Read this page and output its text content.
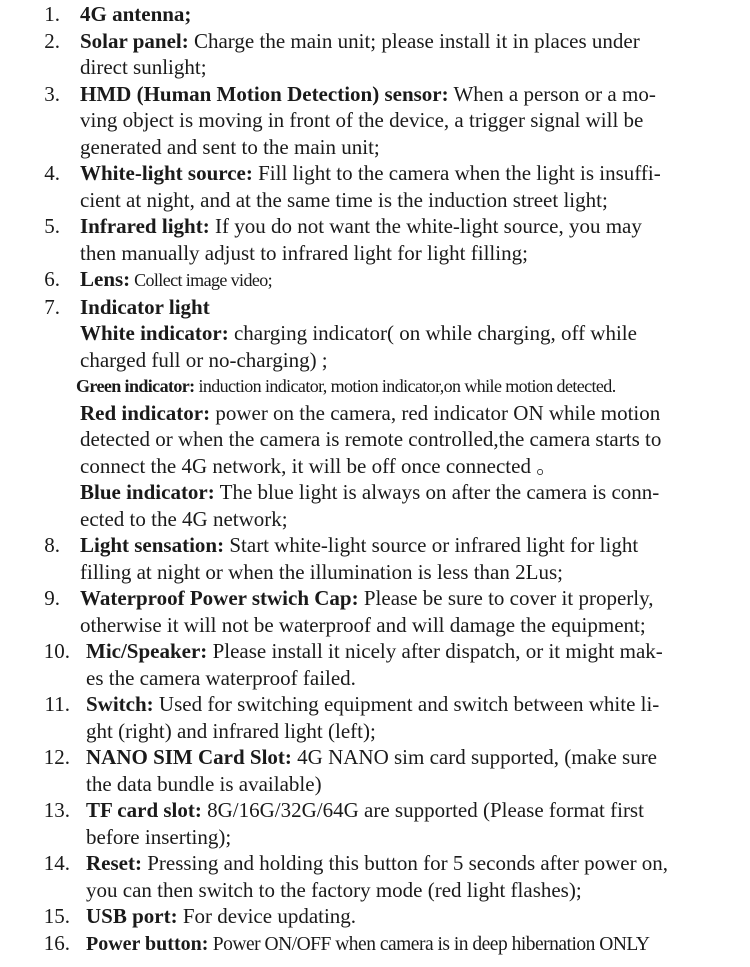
1. 4G antenna;
2. Solar panel: Charge the main unit; please install it in places under
direct sunlight;
3. HMD (Human Motion Detection) sensor: When a person or a mo-
ving object is moving in front of the device, a trigger signal will be
generated and sent to the main unit;
4. White-light source: Fill light to the camera when the light is insuffi-
cient at night, and at the same time is the induction street light;
5. Infrared light: If you do not want the white-light source, you may
then manually adjust to infrared light for light filling;
6. Lens: Collect image video;
7. Indicator light
White indicator: charging indicator( on while charging, off while
charged full or no-charging) ;
Green indicator: induction indicator, motion indicator,on while motion detected.
Red indicator: power on the camera, red indicator ON while motion
detected or when the camera is remote controlled,the camera starts to
connect the 4G network, it will be off once connected 。
Blue indicator: The blue light is always on after the camera is conn-
ected to the 4G network;
8. Light sensation: Start white-light source or infrared light for light
filling at night or when the illumination is less than 2Lus;
9. Waterproof Power stwich Cap: Please be sure to cover it properly,
otherwise it will not be waterproof and will damage the equipment;
10. Mic/Speaker: Please install it nicely after dispatch, or it might mak-
es the camera waterproof failed.
11. Switch: Used for switching equipment and switch between white li-
ght (right) and infrared light (left);
12. NANO SIM Card Slot: 4G NANO sim card supported, (make sure
the data bundle is available)
13. TF card slot: 8G/16G/32G/64G are supported (Please format first
before inserting);
14. Reset: Pressing and holding this button for 5 seconds after power on,
you can then switch to the factory mode (red light flashes);
15. USB port: For device updating.
16. Power button: Power ON/OFF when camera is in deep hibernation ONLY
